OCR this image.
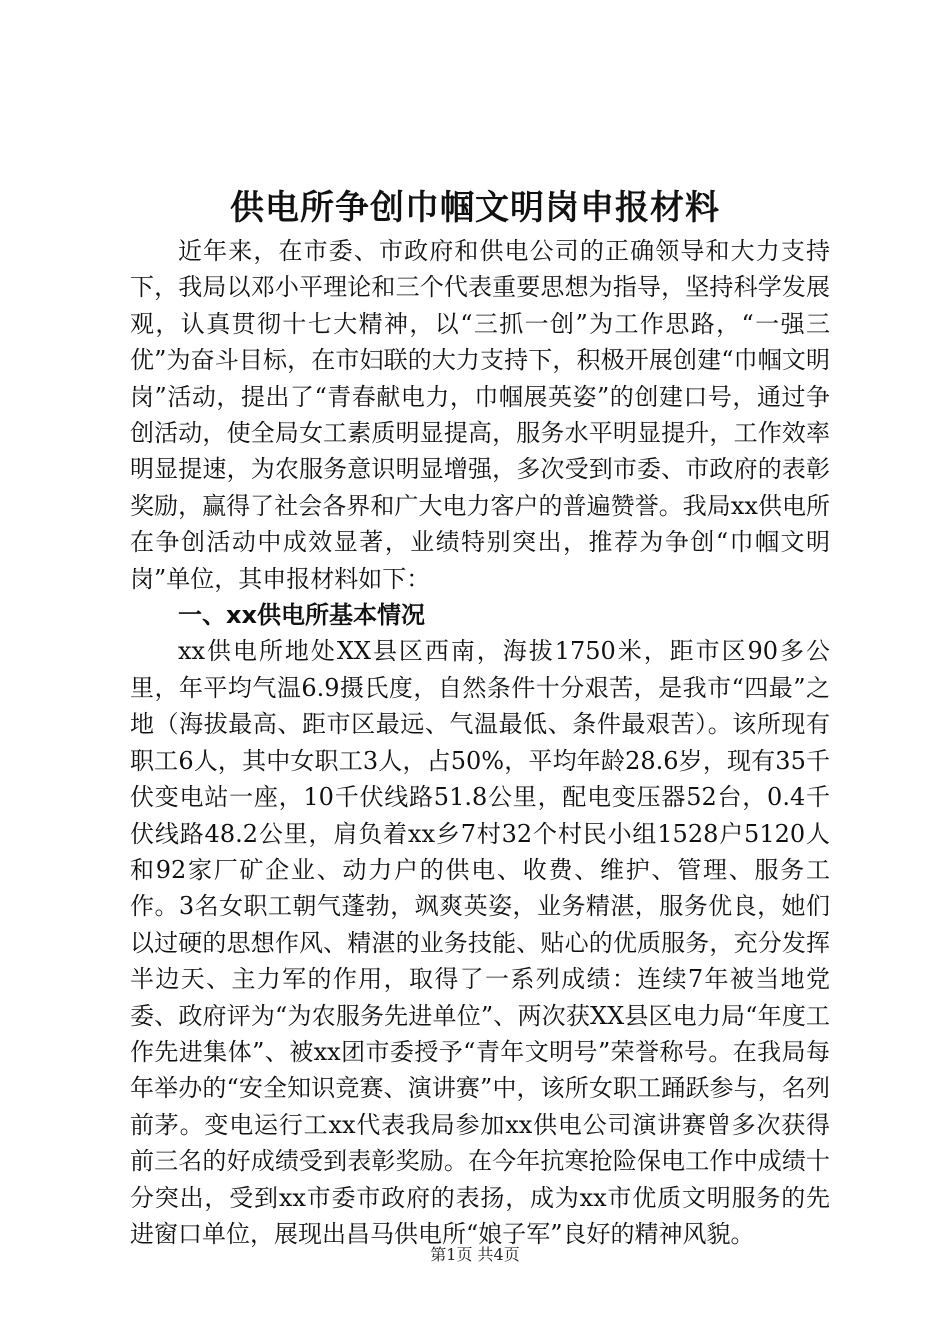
供电所争创巾帼文明岗申报材料

近年来，在市委、市政府和供电公司的正确领导和大力支持下，我局以邓小平理论和三个代表重要思想为指导，坚持科学发展观，认真贯彻十七大精神，以“三抓一创”为工作思路，“一强三优”为奋斗目标，在市妇联的大力支持下，积极开展创建“巾帼文明岗”活动，提出了“青春献电力，巾帼展英姿”的创建口号，通过争创活动，使全局女工素质明显提高，服务水平明显提升，工作效率明显提速，为农服务意识明显增强，多次受到市委、市政府的表彰奖励，赢得了社会各界和广大电力客户的普遍赞誉。我局xx供电所在争创活动中成效显著，业绩特别突出，推荐为争创“巾帼文明岗”单位，其申报材料如下：

一、xx供电所基本情况

xx供电所地处XX县区西南，海拔1750米，距市区90多公里，年平均气温6.9摄氏度，自然条件十分艰苦，是我市“四最”之地（海拔最高、距市区最远、气温最低、条件最艰苦）。该所现有职工6人，其中女职工3人，占50%，平均年龄28.6岁，现有35千伏变电站一座，10千伏线路51.8公里，配电变压器52台，0.4千伏线路48.2公里，肩负着xx乡7村32个村民小组1528户5120人和92家厂矿企业、动力户的供电、收费、维护、管理、服务工作。3名女职工朝气蓬勃，飒爽英姿，业务精湛，服务优良，她们以过硬的思想作风、精湛的业务技能、贴心的优质服务，充分发挥半边天、主力军的作用，取得了一系列成绩：连续7年被当地党委、政府评为“为农服务先进单位”、两次获XX县区电力局“年度工作先进集体”、被xx团市委授予“青年文明号”荣誉称号。在我局每年举办的“安全知识竞赛、演讲赛”中，该所女职工踊跃参与，名列前茅。变电运行工xx代表我局参加xx供电公司演讲赛曾多次获得前三名的好成绩受到表彰奖励。在今年抗寒抢险保电工作中成绩十分突出，受到xx市委市政府的表扬，成为xx市优质文明服务的先进窗口单位，展现出昌马供电所“娘子军”良好的精神风貌。

第1页 共4页
